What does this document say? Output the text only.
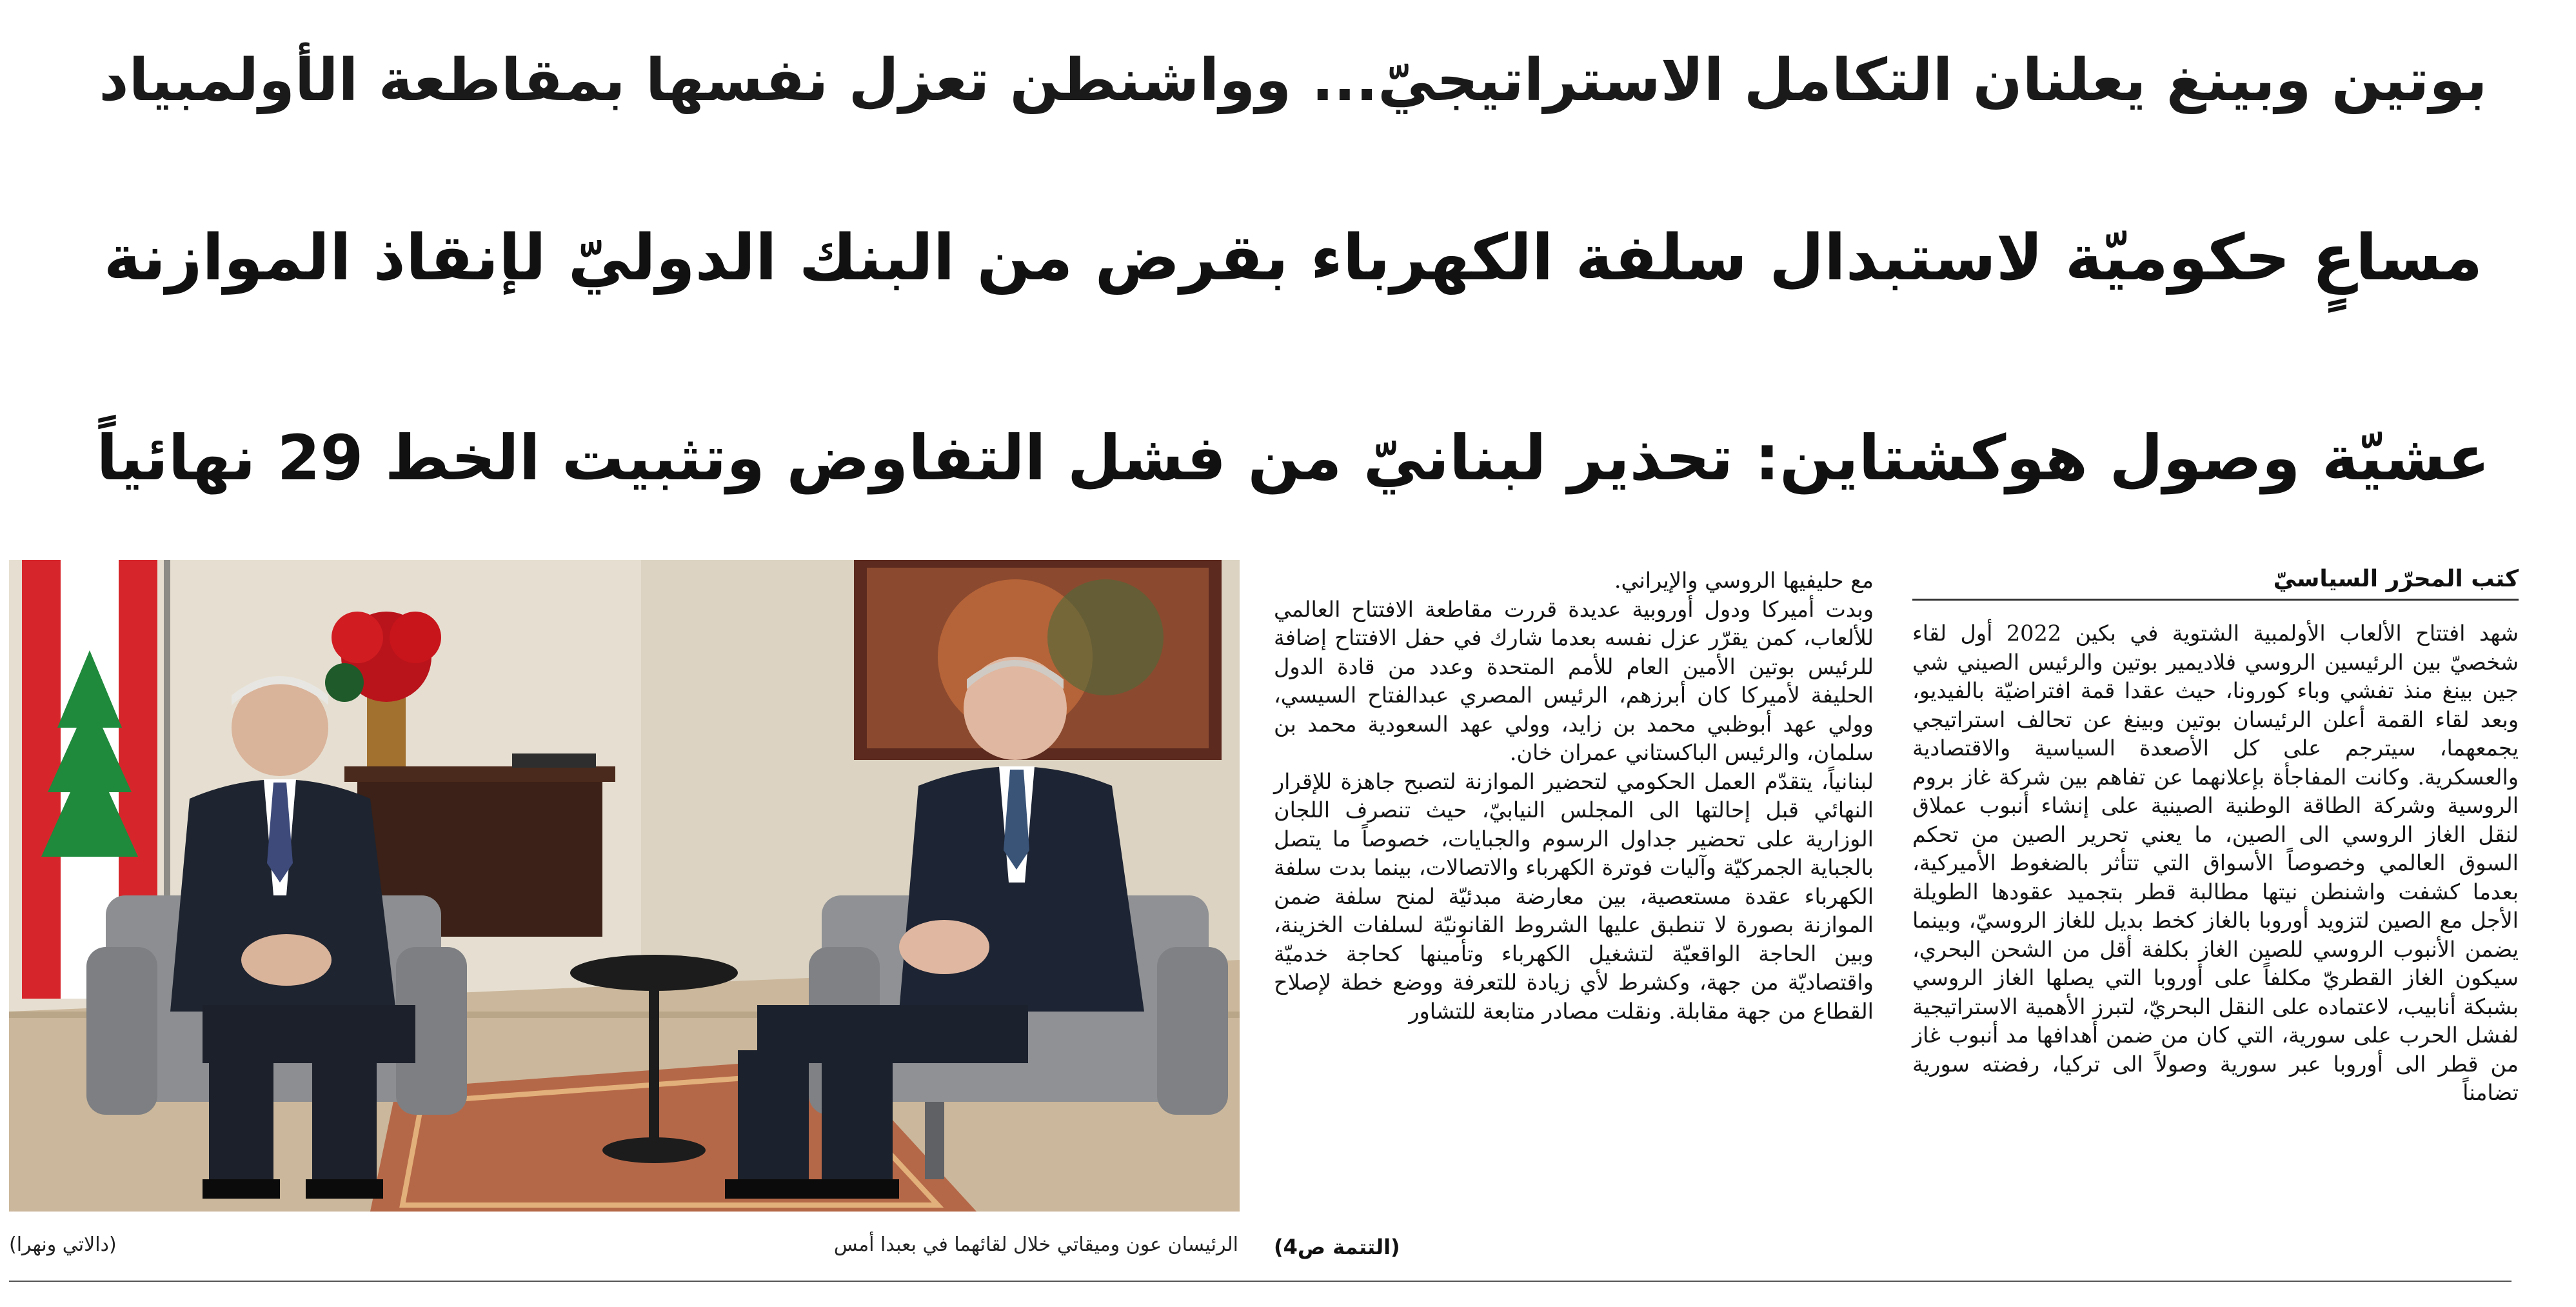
بوتين وبينغ يعلنان التكامل الاستراتيجيّ... وواشنطن تعزل نفسها بمقاطعة الأولمبياد
مساعٍ حكوميّة لاستبدال سلفة الكهرباء بقرض من البنك الدوليّ لإنقاذ الموازنة
عشيّة وصول هوكشتاين: تحذير لبنانيّ من فشل التفاوض وتثبيت الخط 29 نهائياً
كتب المحرّر السياسيّ

شهد افتتاح الألعاب الأولمبية الشتوية في بكين 2022 أول لقاء شخصيّ بين الرئيسين الروسي فلاديمير بوتين والرئيس الصيني شي جين بينغ منذ تفشي وباء كورونا، حيث عقدا قمة افتراضيّة بالفيديو، وبعد لقاء القمة أعلن الرئيسان بوتين وبينغ عن تحالف استراتيجي يجمعهما، سيترجم على كل الأصعدة السياسية والاقتصادية والعسكرية. وكانت المفاجأة بإعلانهما عن تفاهم بين شركة غاز بروم الروسية وشركة الطاقة الوطنية الصينية على إنشاء أنبوب عملاق لنقل الغاز الروسي الى الصين، ما يعني تحرير الصين من تحكم السوق العالمي وخصوصاً الأسواق التي تتأثر بالضغوط الأميركية، بعدما كشفت واشنطن نيتها مطالبة قطر بتجميد عقودها الطويلة الأجل مع الصين لتزويد أوروبا بالغاز كخط بديل للغاز الروسيّ، وبينما يضمن الأنبوب الروسي للصين الغاز بكلفة أقل من الشحن البحري، سيكون الغاز القطريّ مكلفاً على أوروبا التي يصلها الغاز الروسي بشبكة أنابيب، لاعتماده على النقل البحريّ، لتبرز الأهمية الاستراتيجية لفشل الحرب على سورية، التي كان من ضمن أهدافها مد أنبوب غاز من قطر الى أوروبا عبر سورية وصولاً الى تركيا، رفضته سورية تضامناً

مع حليفيها الروسي والإيراني.

وبدت أميركا ودول أوروبية عديدة قررت مقاطعة الافتتاح العالمي للألعاب، كمن يقرّر عزل نفسه بعدما شارك في حفل الافتتاح إضافة للرئيس بوتين الأمين العام للأمم المتحدة وعدد من قادة الدول الحليفة لأميركا كان أبرزهم، الرئيس المصري عبدالفتاح السيسي، وولي عهد أبوظبي محمد بن زايد، وولي عهد السعودية محمد بن سلمان، والرئيس الباكستاني عمران خان.

لبنانياً، يتقدّم العمل الحكومي لتحضير الموازنة لتصبح جاهزة للإقرار النهائي قبل إحالتها الى المجلس النيابيّ، حيث تنصرف اللجان الوزارية على تحضير جداول الرسوم والجبايات، خصوصاً ما يتصل بالجباية الجمركيّة وآليات فوترة الكهرباء والاتصالات، بينما بدت سلفة الكهرباء عقدة مستعصية، بين معارضة مبدئيّة لمنح سلفة ضمن الموازنة بصورة لا تنطبق عليها الشروط القانونيّة لسلفات الخزينة، وبين الحاجة الواقعيّة لتشغيل الكهرباء وتأمينها كحاجة خدميّة واقتصاديّة من جهة، وكشرط لأي زيادة للتعرفة ووضع خطة لإصلاح القطاع من جهة مقابلة. ونقلت مصادر متابعة للتشاور

(التتمة ص4)
الرئيسان عون وميقاتي خلال لقائهما في بعبدا أمس
(دالاتي ونهرا)
